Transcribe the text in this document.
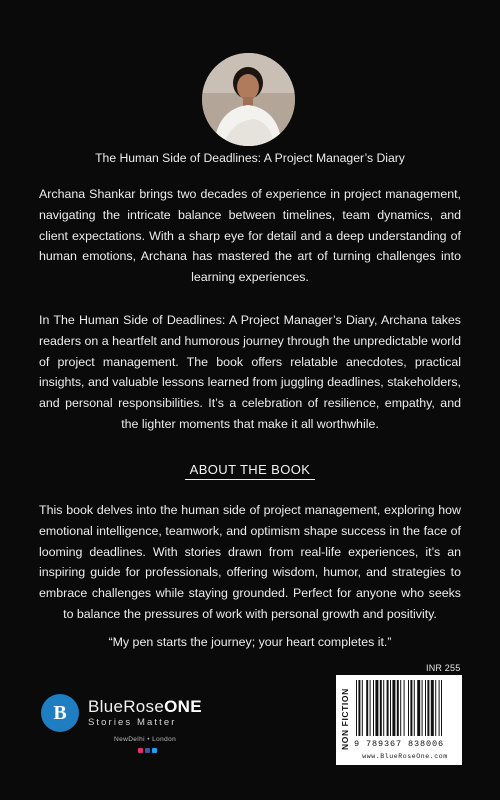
The Human Side of Deadlines: A Project Manager’s Diary

Archana Shankar brings two decades of experience in project management, navigating the intricate balance between timelines, team dynamics, and client expectations. With a sharp eye for detail and a deep understanding of human emotions, Archana has mastered the art of turning challenges into learning experiences.

In The Human Side of Deadlines: A Project Manager’s Diary, Archana takes readers on a heartfelt and humorous journey through the unpredictable world of project management. The book offers relatable anecdotes, practical insights, and valuable lessons learned from juggling deadlines, stakeholders, and personal responsibilities. It’s a celebration of resilience, empathy, and the lighter moments that make it all worthwhile.

ABOUT THE BOOK

This book delves into the human side of project management, exploring how emotional intelligence, teamwork, and optimism shape success in the face of looming deadlines. With stories drawn from real-life experiences, it’s an inspiring guide for professionals, offering wisdom, humor, and strategies to embrace challenges while staying grounded. Perfect for anyone who seeks to balance the pressures of work with personal growth and positivity.

“My pen starts the journey; your heart completes it.”
INR 255
B BlueRoseONE
Stories Matter
NewDelhi • London	NON FICTION 9 789367 838006
www.BlueRoseOne.com
